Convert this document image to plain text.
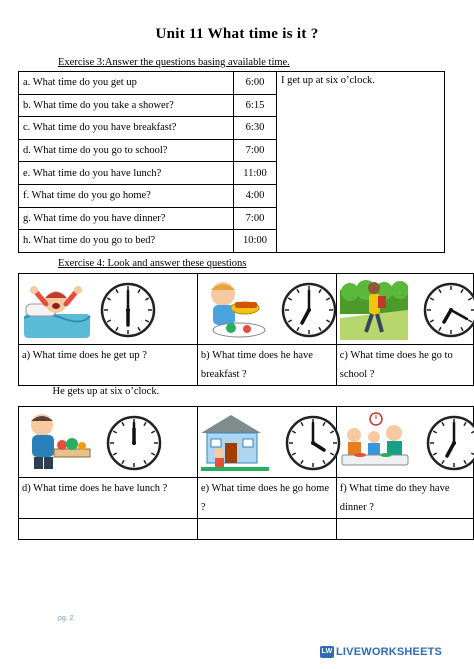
Unit 11 What time is it ?
Exercise 3:Answer the questions basing available time.
a. What time do you get up	6:00	I get up at six o’clock.
b. What time do you take a shower?	6:15	
c. What time do you have breakfast?	6:30	
d. What time do you go to school?	7:00	
e. What time do you have lunch?	11:00	
f. What time do you go home?	4:00	
g. What time do you have dinner?	7:00	
h. What time do you go to bed?	10:00	
Exercise 4: Look and answer these questions

a) What time does he get up ?	b) What time does he have breakfast ?	c) What time does he go to school ?
He gets up at six o’clock.		

d) What time does he have lunch ?	e) What time does he go home ?	f) What time do they have dinner ?

pg. 2
LW LIVEWORKSHEETS
